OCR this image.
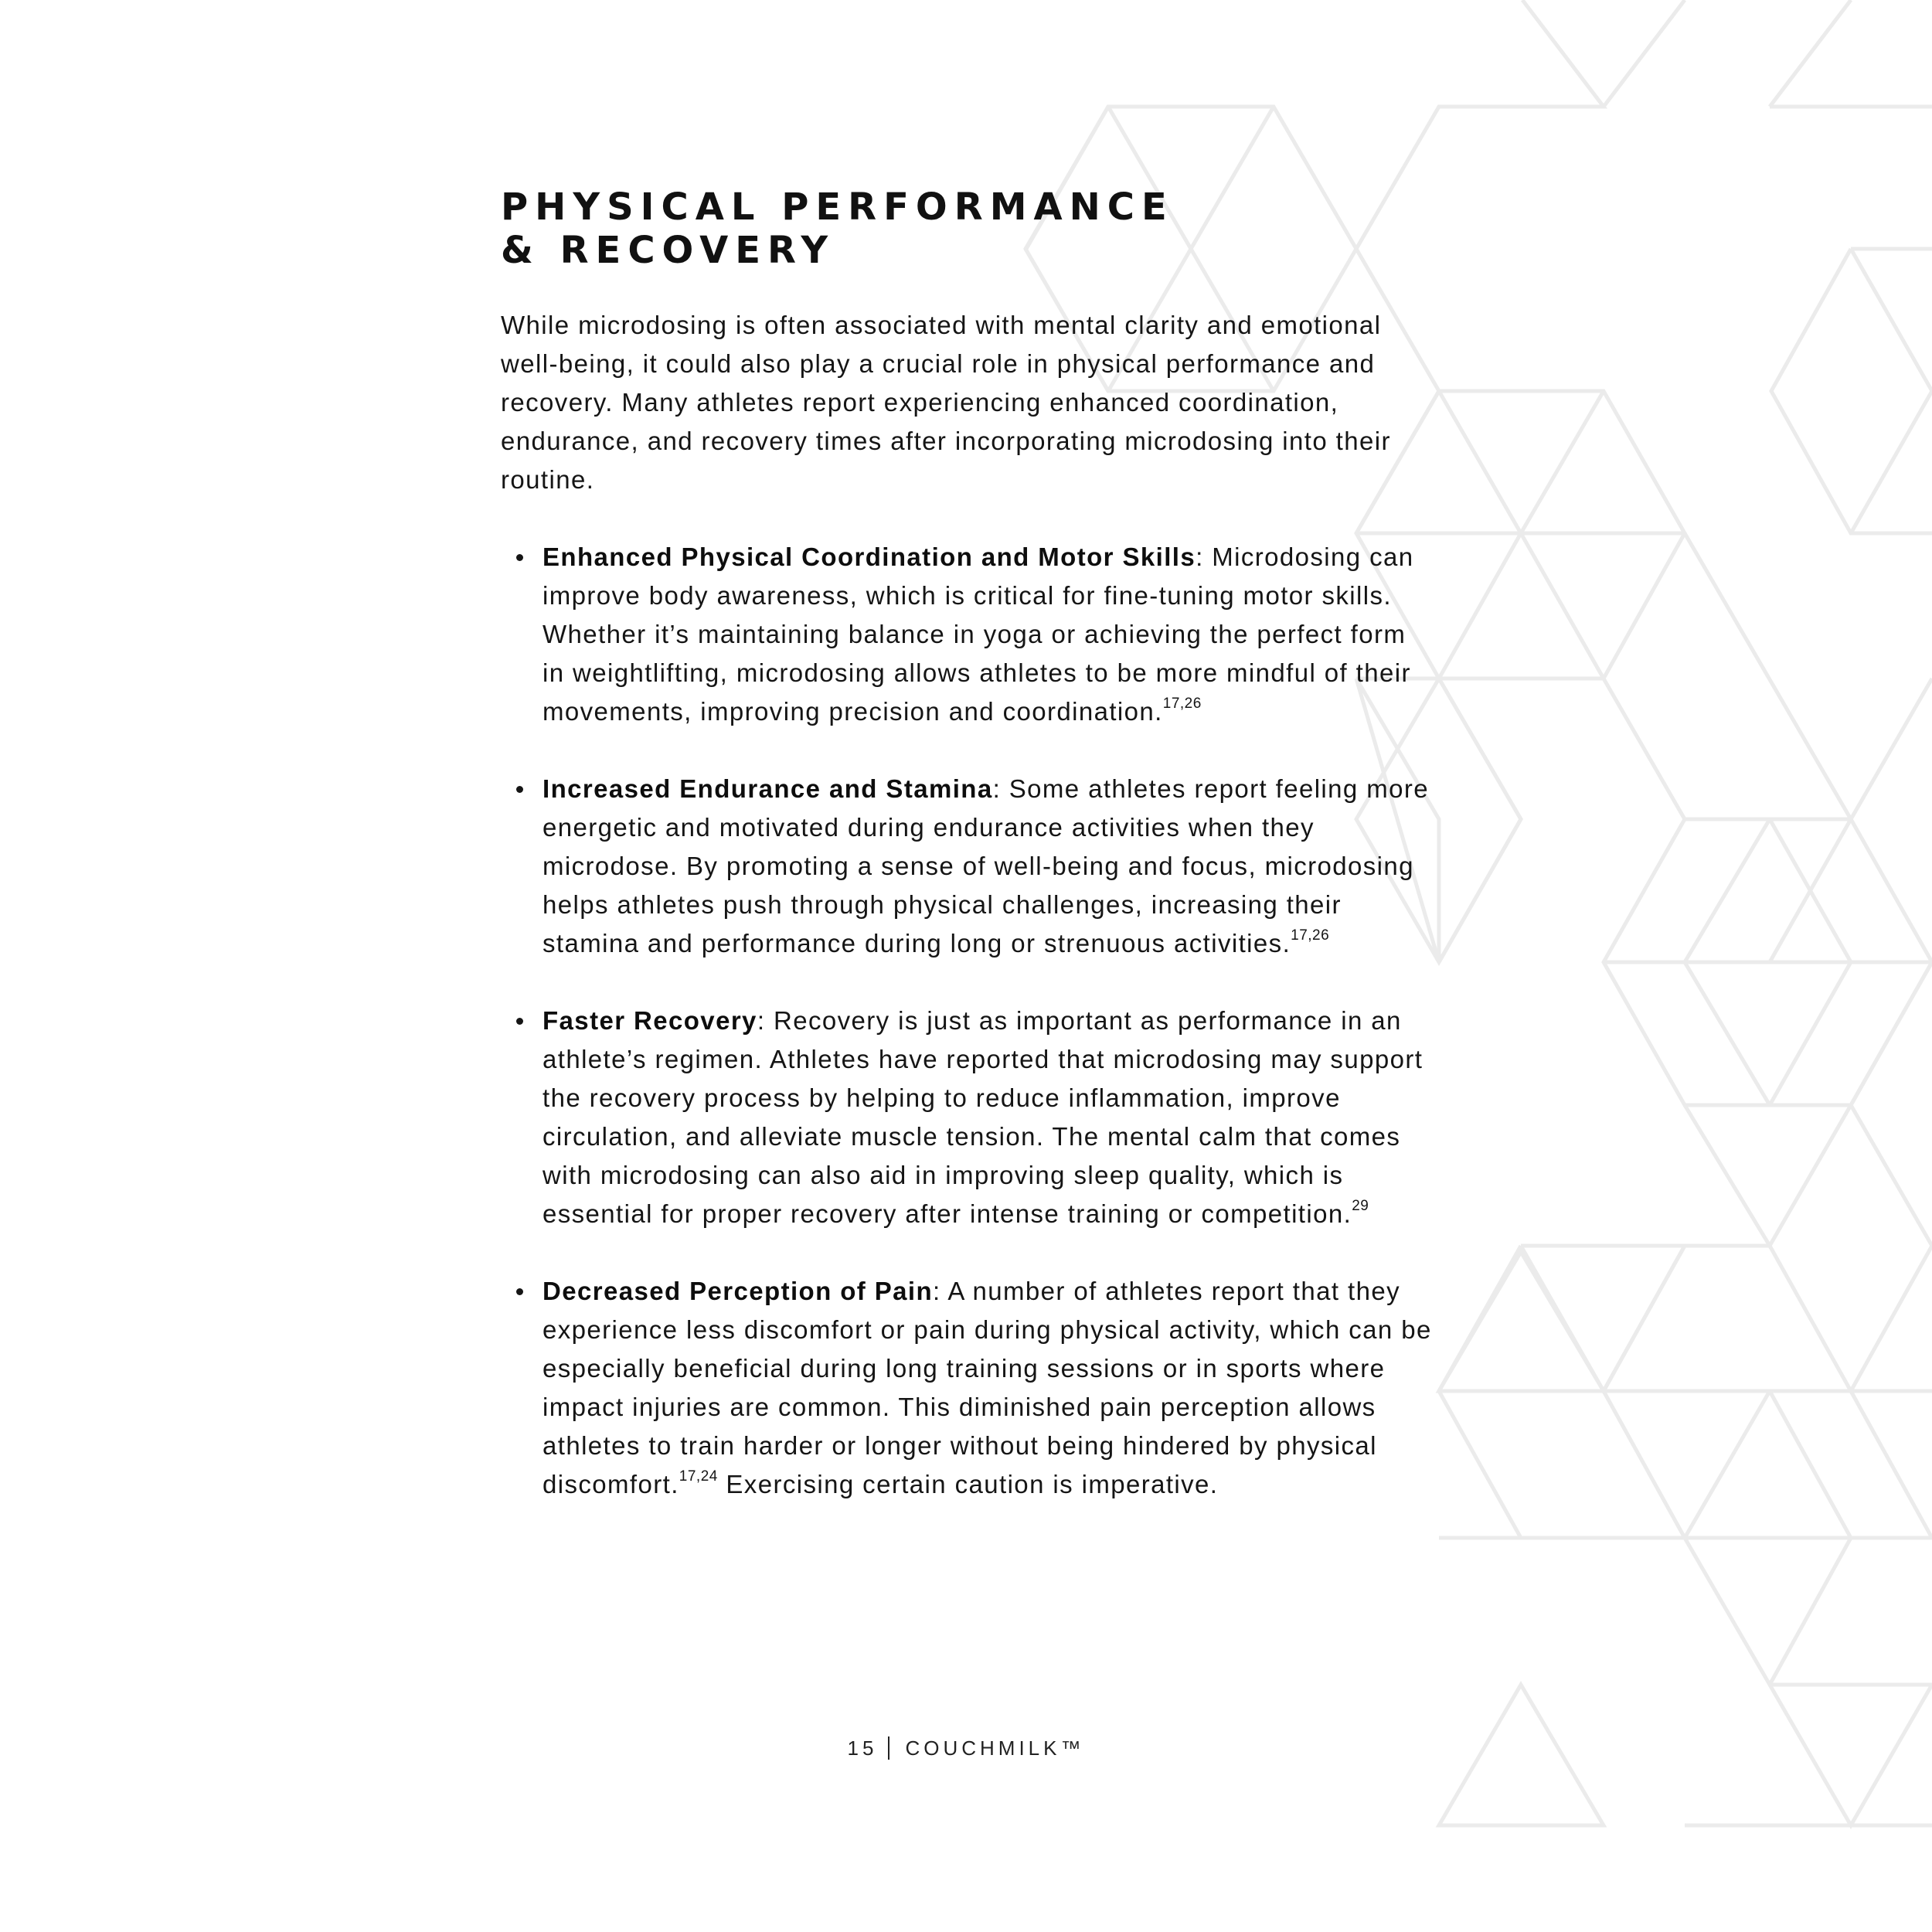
PHYSICAL PERFORMANCE
& RECOVERY

While microdosing is often associated with mental clarity and emotional well-being, it could also play a crucial role in physical performance and recovery. Many athletes report experiencing enhanced coordination, endurance, and recovery times after incorporating microdosing into their routine.

Enhanced Physical Coordination and Motor Skills: Microdosing can improve body awareness, which is critical for fine-tuning motor skills. Whether it’s maintaining balance in yoga or achieving the perfect form in weightlifting, microdosing allows athletes to be more mindful of their movements, improving precision and coordination.$^{17,26}$
Increased Endurance and Stamina: Some athletes report feeling more energetic and motivated during endurance activities when they microdose. By promoting a sense of well-being and focus, microdosing helps athletes push through physical challenges, increasing their stamina and performance during long or strenuous activities.$^{17,26}$
Faster Recovery: Recovery is just as important as performance in an athlete’s regimen. Athletes have reported that microdosing may support the recovery process by helping to reduce inflammation, improve circulation, and alleviate muscle tension. The mental calm that comes with microdosing can also aid in improving sleep quality, which is essential for proper recovery after intense training or competition.$^{29}$
Decreased Perception of Pain: A number of athletes report that they experience less discomfort or pain during physical activity, which can be especially beneficial during long training sessions or in sports where impact injuries are common. This diminished pain perception allows athletes to train harder or longer without being hindered by physical discomfort.$^{17,24}$ Exercising certain caution is imperative.
15 COUCHMILK™
